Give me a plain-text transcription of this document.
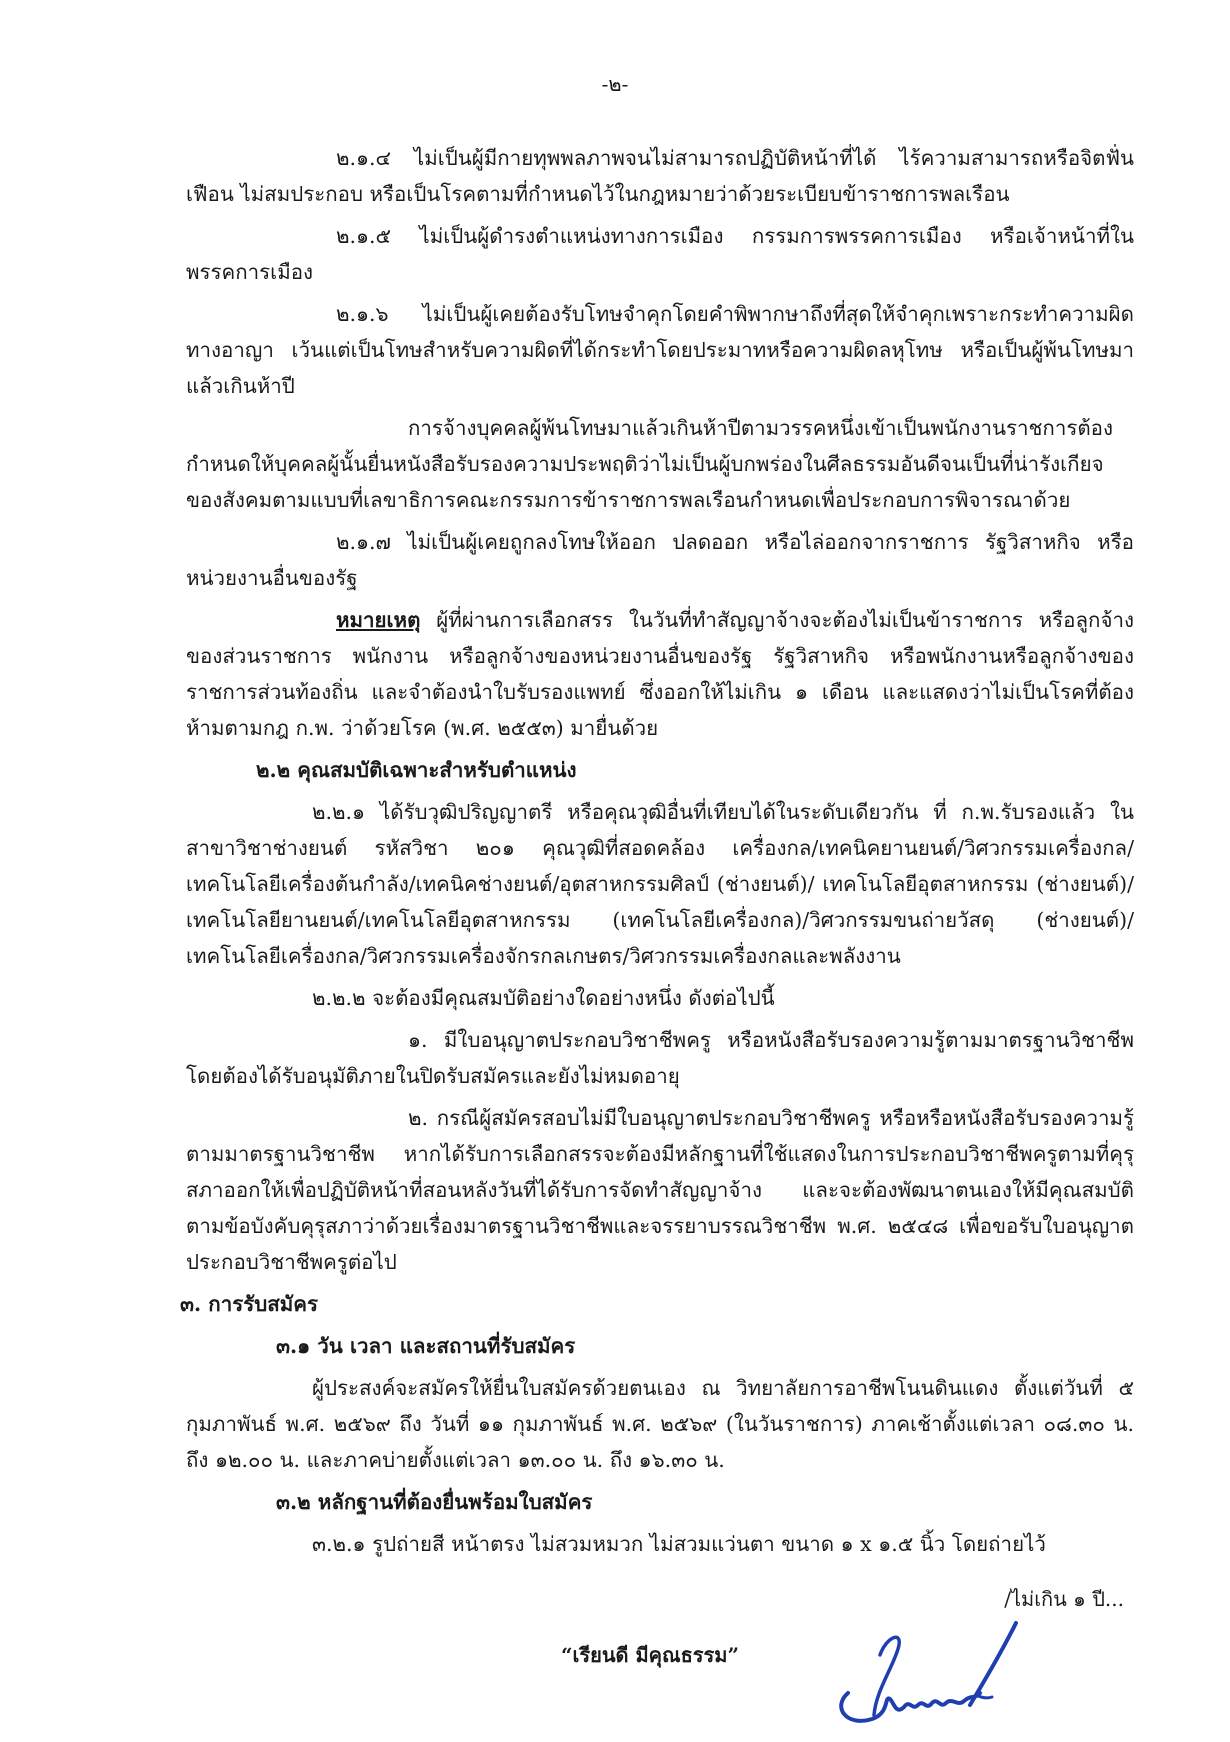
-๒-

๒.๑.๔ ไม่เป็นผู้มีกายทุพพลภาพจนไม่สามารถปฏิบัติหน้าที่ได้ ไร้ความสามารถหรือจิตฟั่นเฟือน ไม่สมประกอบ หรือเป็นโรคตามที่กำหนดไว้ในกฎหมายว่าด้วยระเบียบข้าราชการพลเรือน

๒.๑.๕ ไม่เป็นผู้ดำรงตำแหน่งทางการเมือง กรรมการพรรคการเมือง หรือเจ้าหน้าที่ในพรรคการเมือง

๒.๑.๖ ไม่เป็นผู้เคยต้องรับโทษจำคุกโดยคำพิพากษาถึงที่สุดให้จำคุกเพราะกระทำความผิดทางอาญา เว้นแต่เป็นโทษสำหรับความผิดที่ได้กระทำโดยประมาทหรือความผิดลหุโทษ หรือเป็นผู้พ้นโทษมาแล้วเกินห้าปี

การจ้างบุคคลผู้พ้นโทษมาแล้วเกินห้าปีตามวรรคหนึ่งเข้าเป็นพนักงานราชการต้องกำหนดให้บุคคลผู้นั้นยื่นหนังสือรับรองความประพฤติว่าไม่เป็นผู้บกพร่องในศีลธรรมอันดีจนเป็นที่น่ารังเกียจของสังคมตามแบบที่เลขาธิการคณะกรรมการข้าราชการพลเรือนกำหนดเพื่อประกอบการพิจารณาด้วย

๒.๑.๗ ไม่เป็นผู้เคยถูกลงโทษให้ออก ปลดออก หรือไล่ออกจากราชการ รัฐวิสาหกิจ หรือหน่วยงานอื่นของรัฐ

หมายเหตุ ผู้ที่ผ่านการเลือกสรร ในวันที่ทำสัญญาจ้างจะต้องไม่เป็นข้าราชการ หรือลูกจ้างของส่วนราชการ พนักงาน หรือลูกจ้างของหน่วยงานอื่นของรัฐ รัฐวิสาหกิจ หรือพนักงานหรือลูกจ้างของราชการส่วนท้องถิ่น และจำต้องนำใบรับรองแพทย์ ซึ่งออกให้ไม่เกิน ๑ เดือน และแสดงว่าไม่เป็นโรคที่ต้องห้ามตามกฎ ก.พ. ว่าด้วยโรค (พ.ศ. ๒๕๕๓) มายื่นด้วย

๒.๒ คุณสมบัติเฉพาะสำหรับตำแหน่ง

๒.๒.๑ ได้รับวุฒิปริญญาตรี หรือคุณวุฒิอื่นที่เทียบได้ในระดับเดียวกัน ที่ ก.พ.รับรองแล้ว ในสาขาวิชาช่างยนต์ รหัสวิชา ๒๐๑ คุณวุฒิที่สอดคล้อง เครื่องกล/เทคนิคยานยนต์/วิศวกรรมเครื่องกล/เทคโนโลยีเครื่องต้นกำลัง/เทคนิคช่างยนต์/อุตสาหกรรมศิลป์ (ช่างยนต์)/ เทคโนโลยีอุตสาหกรรม (ช่างยนต์)/เทคโนโลยียานยนต์/เทคโนโลยีอุตสาหกรรม (เทคโนโลยีเครื่องกล)/วิศวกรรมขนถ่ายวัสดุ (ช่างยนต์)/เทคโนโลยีเครื่องกล/วิศวกรรมเครื่องจักรกลเกษตร/วิศวกรรมเครื่องกลและพลังงาน

๒.๒.๒ จะต้องมีคุณสมบัติอย่างใดอย่างหนึ่ง ดังต่อไปนี้

๑. มีใบอนุญาตประกอบวิชาชีพครู หรือหนังสือรับรองความรู้ตามมาตรฐานวิชาชีพ โดยต้องได้รับอนุมัติภายในปิดรับสมัครและยังไม่หมดอายุ

๒. กรณีผู้สมัครสอบไม่มีใบอนุญาตประกอบวิชาชีพครู หรือหรือหนังสือรับรองความรู้ตามมาตรฐานวิชาชีพ หากได้รับการเลือกสรรจะต้องมีหลักฐานที่ใช้แสดงในการประกอบวิชาชีพครูตามที่คุรุสภาออกให้เพื่อปฏิบัติหน้าที่สอนหลังวันที่ได้รับการจัดทำสัญญาจ้าง และจะต้องพัฒนาตนเองให้มีคุณสมบัติตามข้อบังคับคุรุสภาว่าด้วยเรื่องมาตรฐานวิชาชีพและจรรยาบรรณวิชาชีพ พ.ศ. ๒๕๔๘ เพื่อขอรับใบอนุญาตประกอบวิชาชีพครูต่อไป

๓. การรับสมัคร

๓.๑ วัน เวลา และสถานที่รับสมัคร

ผู้ประสงค์จะสมัครให้ยื่นใบสมัครด้วยตนเอง ณ วิทยาลัยการอาชีพโนนดินแดง ตั้งแต่วันที่ ๕ กุมภาพันธ์ พ.ศ. ๒๕๖๙ ถึง วันที่ ๑๑ กุมภาพันธ์ พ.ศ. ๒๕๖๙ (ในวันราชการ) ภาคเช้าตั้งแต่เวลา ๐๘.๓๐ น. ถึง ๑๒.๐๐ น. และภาคบ่ายตั้งแต่เวลา ๑๓.๐๐ น. ถึง ๑๖.๓๐ น.

๓.๒ หลักฐานที่ต้องยื่นพร้อมใบสมัคร

๓.๒.๑ รูปถ่ายสี หน้าตรง ไม่สวมหมวก ไม่สวมแว่นตา ขนาด ๑ x ๑.๕ นิ้ว โดยถ่ายไว้

/ไม่เกิน ๑ ปี...
“เรียนดี มีคุณธรรม”
